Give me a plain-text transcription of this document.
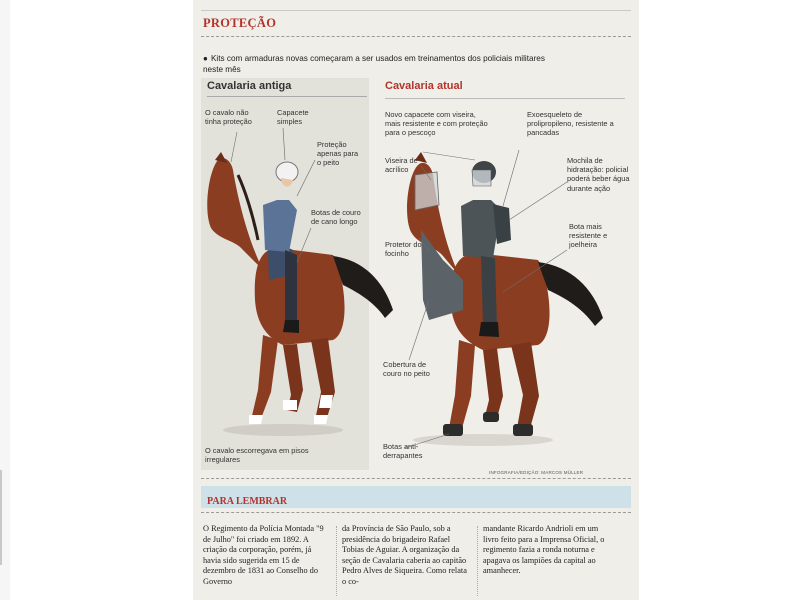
PROTEÇÃO
● Kits com armaduras novas começaram a ser usados em treinamentos dos policiais militares neste mês
Cavalaria antiga	Cavalaria atual
O cavalo não tinha proteção
Capacete simples
Proteção apenas para o peito
Botas de couro de cano longo
O cavalo escorregava em pisos irregulares
Novo capacete com viseira, mais resistente e com proteção para o pescoço
Exoesqueleto de prolipropileno, resistente a pancadas
Viseira de acrílico
Mochila de hidratação: policial poderá beber água durante ação
Protetor do focinho
Bota mais resistente e joelheira
Cobertura de couro no peito
Botas anti-derrapantes
INFOGRAFIA/EDIÇÃO: MARCOS MÜLLER
PARA LEMBRAR
O Regimento da Polícia Montada "9 de Julho" foi criado em 1892. A criação da corporação, porém, já havia sido sugerida em 15 de dezembro de 1831 ao Conselho do Governo
da Província de São Paulo, sob a presidência do brigadeiro Rafael Tobias de Aguiar. A organização da seção de Cavalaria caberia ao capitão Pedro Alves de Siqueira. Como relata o co-
mandante Ricardo Andrioli em um livro feito para a Imprensa Oficial, o regimento fazia a ronda noturna e apagava os lampiões da capital ao amanhecer.
